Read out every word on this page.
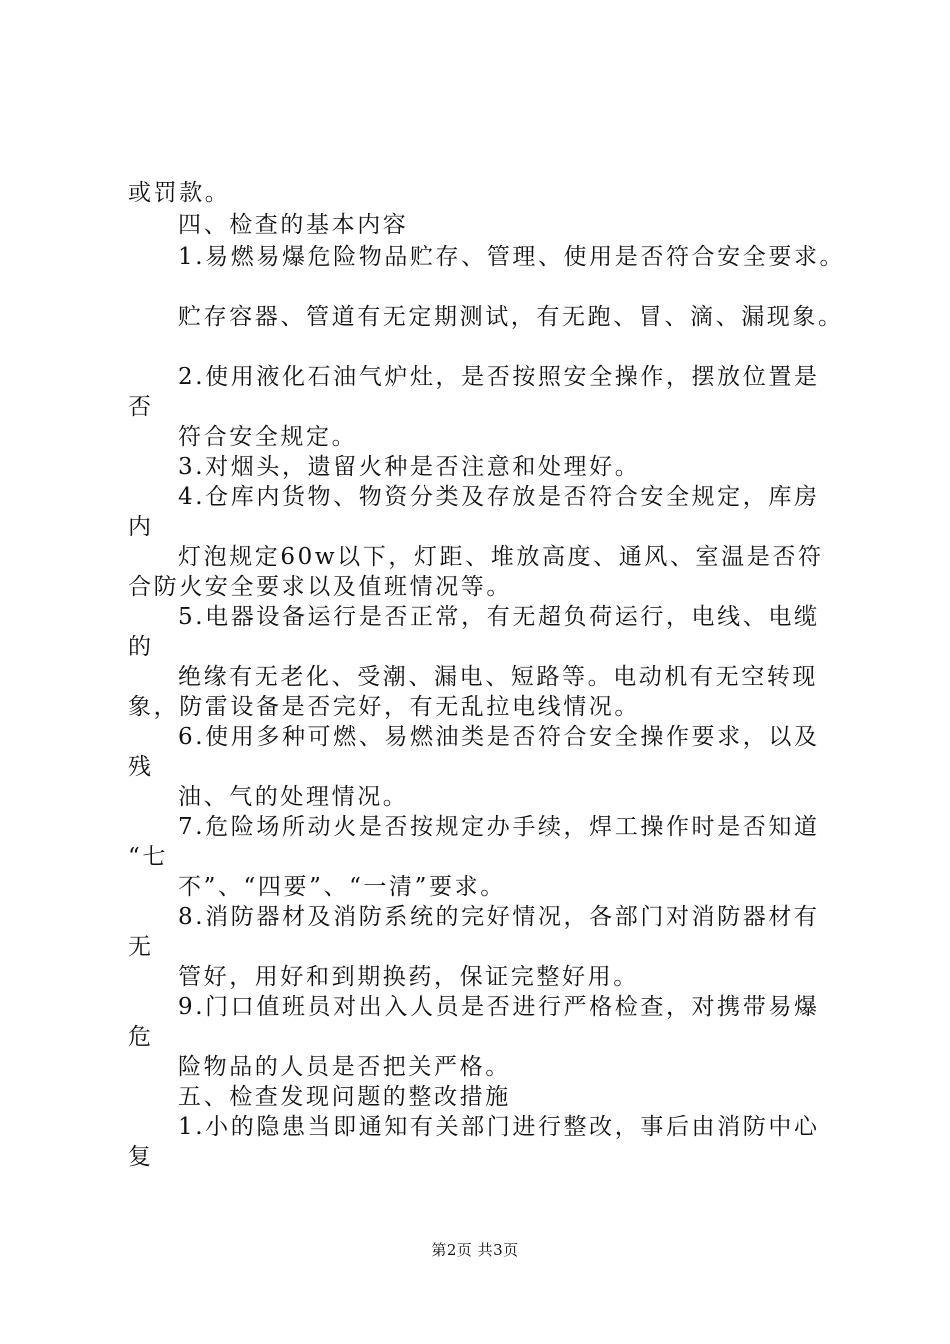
或罚款。
四、检查的基本内容
1.易燃易爆危险物品贮存、管理、使用是否符合安全要求。
贮存容器、管道有无定期测试，有无跑、冒、滴、漏现象。
2.使用液化石油气炉灶，是否按照安全操作，摆放位置是
否
符合安全规定。
3.对烟头，遗留火种是否注意和处理好。
4.仓库内货物、物资分类及存放是否符合安全规定，库房
内
灯泡规定60w以下，灯距、堆放高度、通风、室温是否符
合防火安全要求以及值班情况等。
5.电器设备运行是否正常，有无超负荷运行，电线、电缆
的
绝缘有无老化、受潮、漏电、短路等。电动机有无空转现
象，防雷设备是否完好，有无乱拉电线情况。
6.使用多种可燃、易燃油类是否符合安全操作要求，以及
残
油、气的处理情况。
7.危险场所动火是否按规定办手续，焊工操作时是否知道
“七
不”、“四要”、“一清”要求。
8.消防器材及消防系统的完好情况，各部门对消防器材有
无
管好，用好和到期换药，保证完整好用。
9.门口值班员对出入人员是否进行严格检查，对携带易爆
危
险物品的人员是否把关严格。
五、检查发现问题的整改措施
1.小的隐患当即通知有关部门进行整改，事后由消防中心
复
第2页 共3页
